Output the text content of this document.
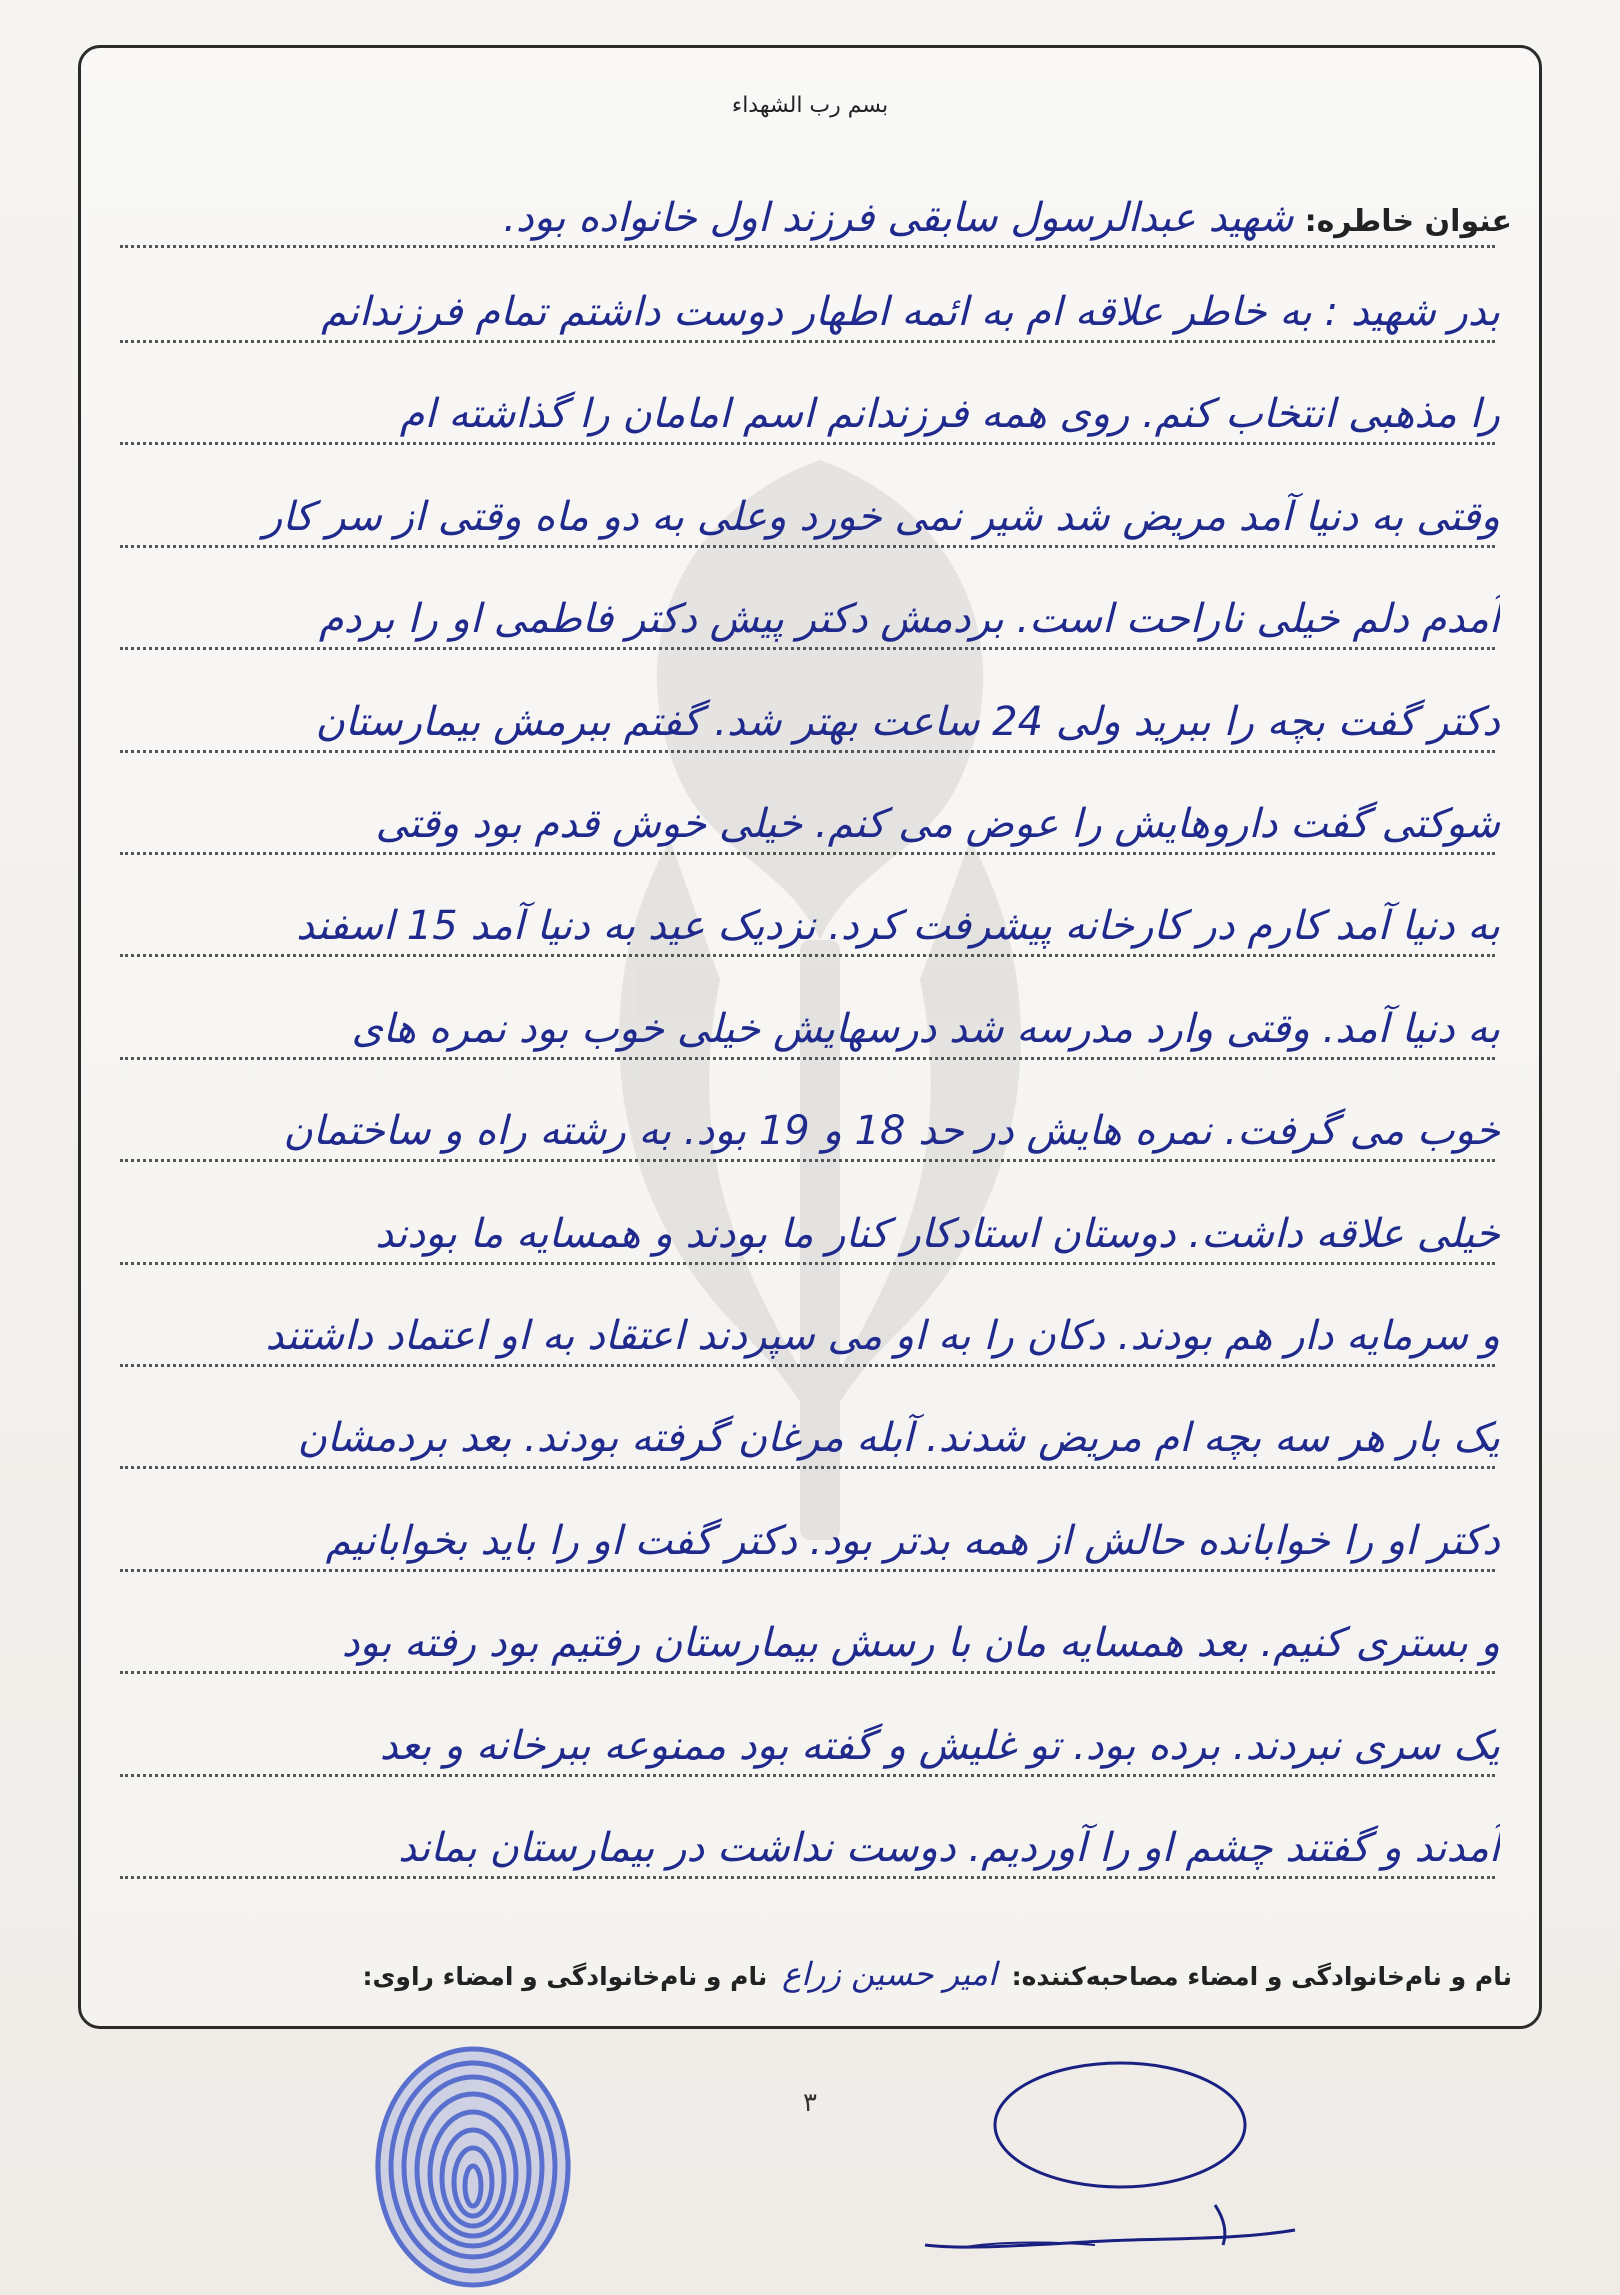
بسم رب الشهداء
عنوان خاطره: شهید عبدالرسول سابقی فرزند اول خانواده بود.
بدر شهید : به خاطر علاقه ام به ائمه اطهار دوست داشتم تمام فرزندانم
را مذهبی انتخاب کنم. روی همه فرزندانم اسم امامان را گذاشته ام
وقتی به دنیا آمد مریض شد شیر نمی خورد وعلی به دو ماه وقتی از سر کار
آمدم دلم خیلی ناراحت است. بردمش دکتر پیش دکتر فاطمی او را بردم
دکتر گفت بچه را ببرید ولی 24 ساعت بهتر شد. گفتم ببرمش بیمارستان
شوکتی گفت داروهایش را عوض می کنم. خیلی خوش قدم بود وقتی
به دنیا آمد کارم در کارخانه پیشرفت کرد. نزدیک عید به دنیا آمد 15 اسفند
به دنیا آمد. وقتی وارد مدرسه شد درسهایش خیلی خوب بود نمره های
خوب می گرفت. نمره هایش در حد 18 و 19 بود. به رشته راه و ساختمان
خیلی علاقه داشت. دوستان استادکار کنار ما بودند و همسایه ما بودند
و سرمایه دار هم بودند. دکان را به او می سپردند اعتقاد به او اعتماد داشتند
یک بار هر سه بچه ام مریض شدند. آبله مرغان گرفته بودند. بعد بردمشان
دکتر او را خوابانده حالش از همه بدتر بود. دکتر گفت او را باید بخوابانیم
و بستری کنیم. بعد همسایه مان با رسش بیمارستان رفتیم بود رفته بود
یک سری نبردند. برده بود. تو غلیش و گفته بود ممنوعه ببرخانه و بعد
آمدند و گفتند چشم او را آوردیم. دوست نداشت در بیمارستان بماند
نام و نام‌خانوادگی و امضاء مصاحبه‌کننده: امیر حسین زراع نام و نام‌خانوادگی و امضاء راوی:
٣
